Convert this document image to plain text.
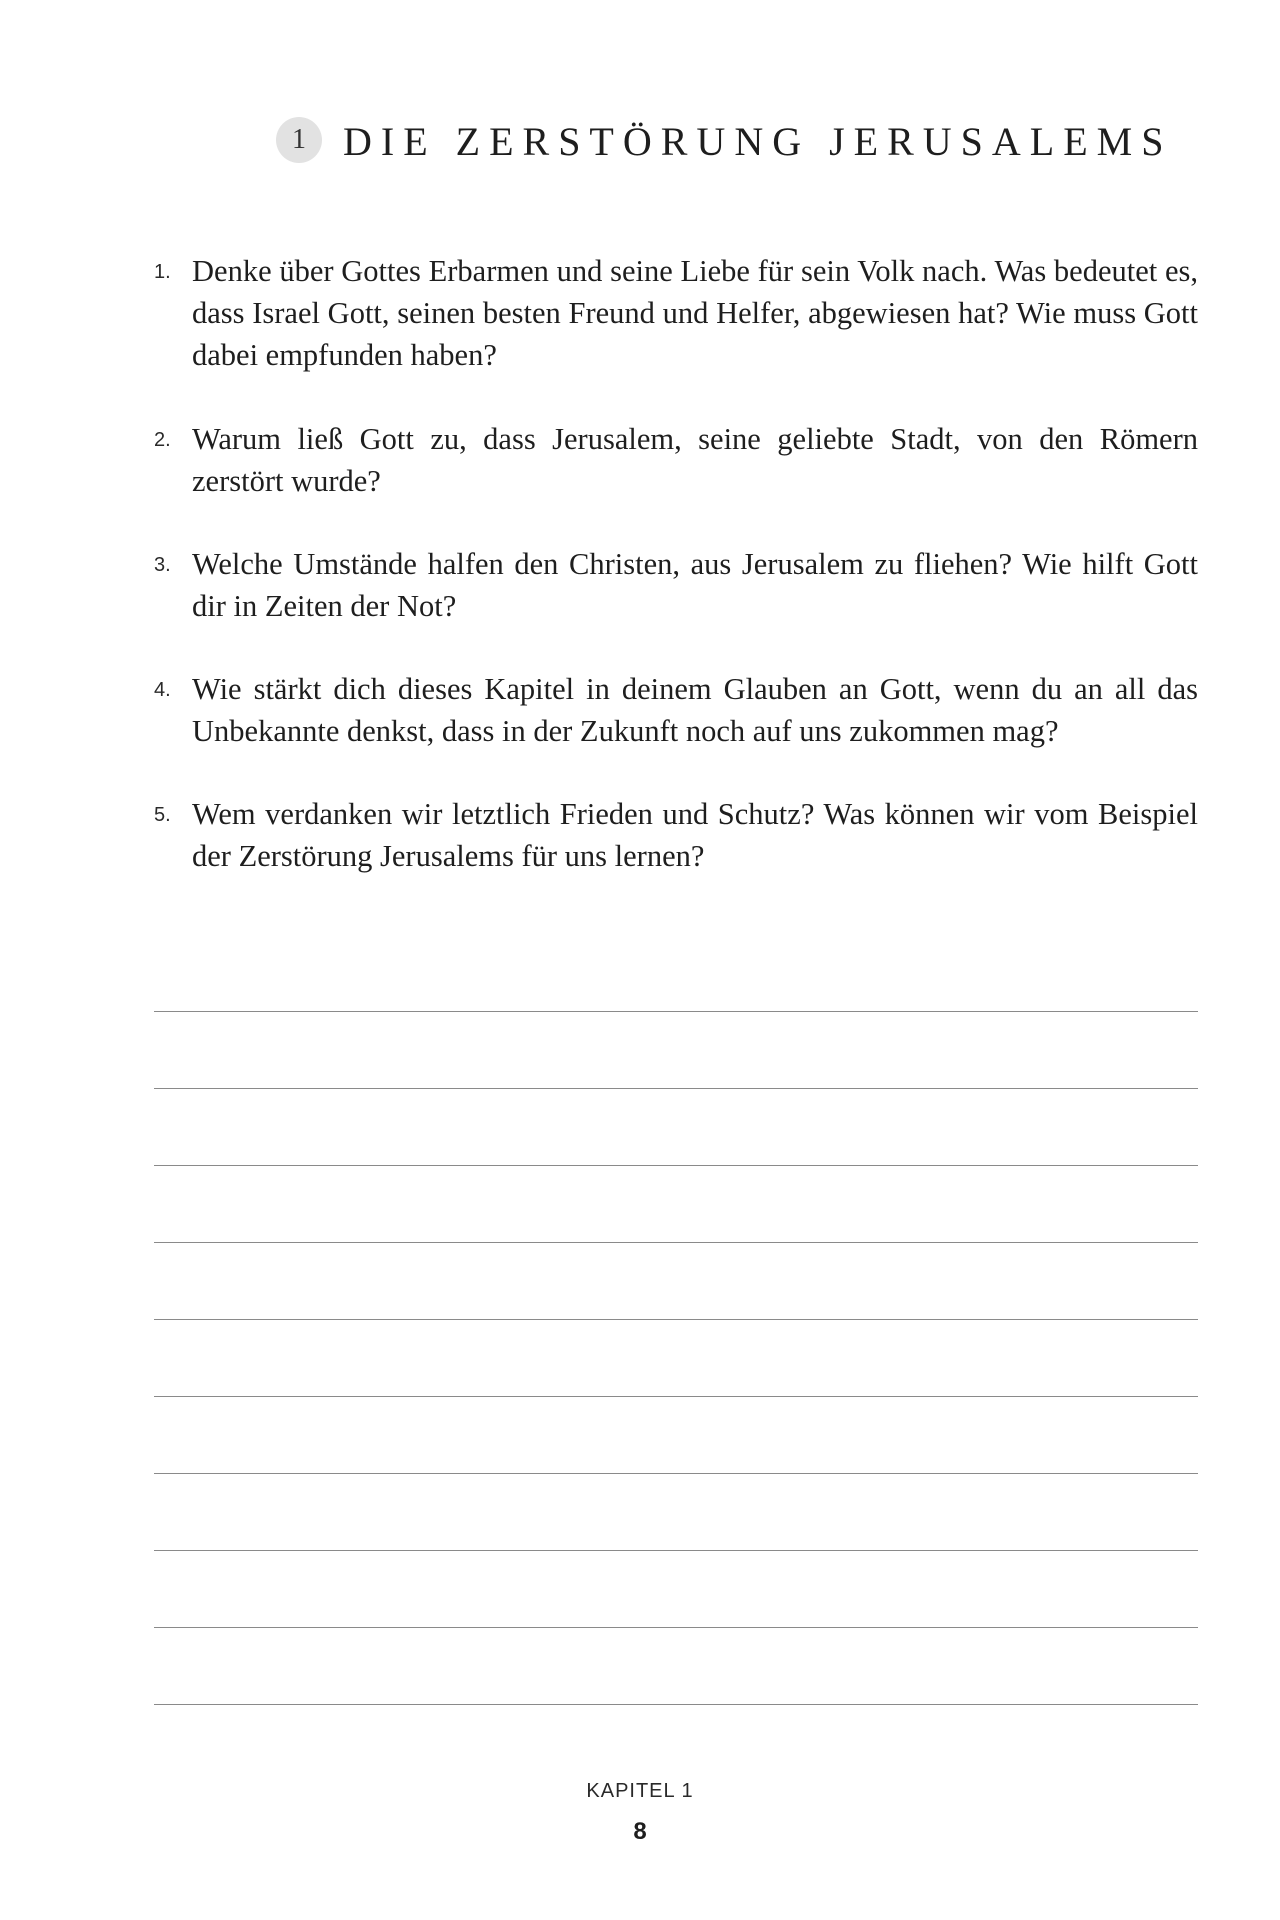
1 DIE ZERSTÖRUNG JERUSALEMS
1. Denke über Gottes Erbarmen und seine Liebe für sein Volk nach. Was bedeutet es, dass Israel Gott, seinen besten Freund und Helfer, abgewiesen hat? Wie muss Gott dabei empfunden haben?
2. Warum ließ Gott zu, dass Jerusalem, seine geliebte Stadt, von den Römern zerstört wurde?
3. Welche Umstände halfen den Christen, aus Jerusalem zu fliehen? Wie hilft Gott dir in Zeiten der Not?
4. Wie stärkt dich dieses Kapitel in deinem Glauben an Gott, wenn du an all das Unbekannte denkst, dass in der Zukunft noch auf uns zukommen mag?
5. Wem verdanken wir letztlich Frieden und Schutz? Was können wir vom Beispiel der Zerstörung Jerusalems für uns lernen?
KAPITEL 1
8
